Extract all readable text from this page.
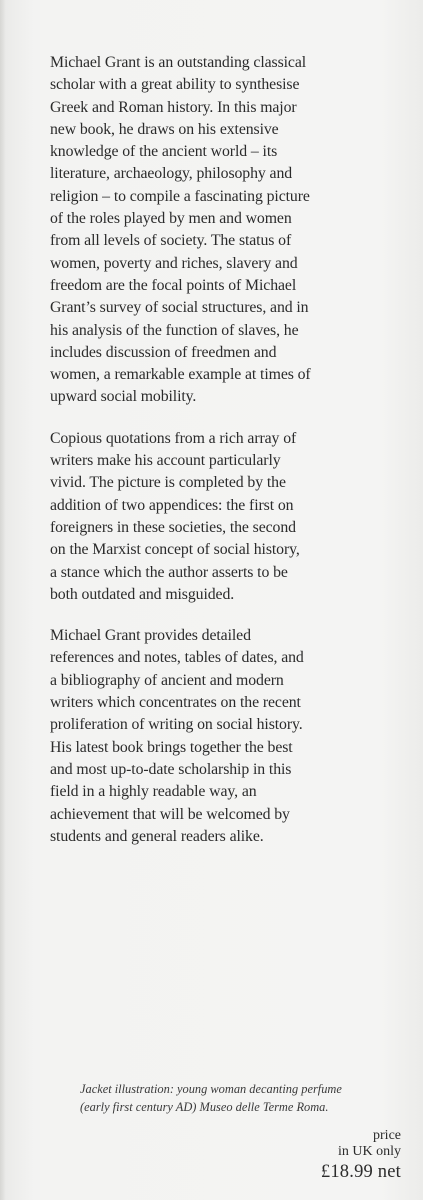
Michael Grant is an outstanding classical
scholar with a great ability to synthesise
Greek and Roman history. In this major
new book, he draws on his extensive
knowledge of the ancient world – its
literature, archaeology, philosophy and
religion – to compile a fascinating picture
of the roles played by men and women
from all levels of society. The status of
women, poverty and riches, slavery and
freedom are the focal points of Michael
Grant’s survey of social structures, and in
his analysis of the function of slaves, he
includes discussion of freedmen and
women, a remarkable example at times of
upward social mobility.

Copious quotations from a rich array of
writers make his account particularly
vivid. The picture is completed by the
addition of two appendices: the first on
foreigners in these societies, the second
on the Marxist concept of social history,
a stance which the author asserts to be
both outdated and misguided.

Michael Grant provides detailed
references and notes, tables of dates, and
a bibliography of ancient and modern
writers which concentrates on the recent
proliferation of writing on social history.
His latest book brings together the best
and most up-to-date scholarship in this
field in a highly readable way, an
achievement that will be welcomed by
students and general readers alike.

Jacket illustration: young woman decanting perfume
(early first century AD) Museo delle Terme Roma.
price
in UK only
£18.99 net
